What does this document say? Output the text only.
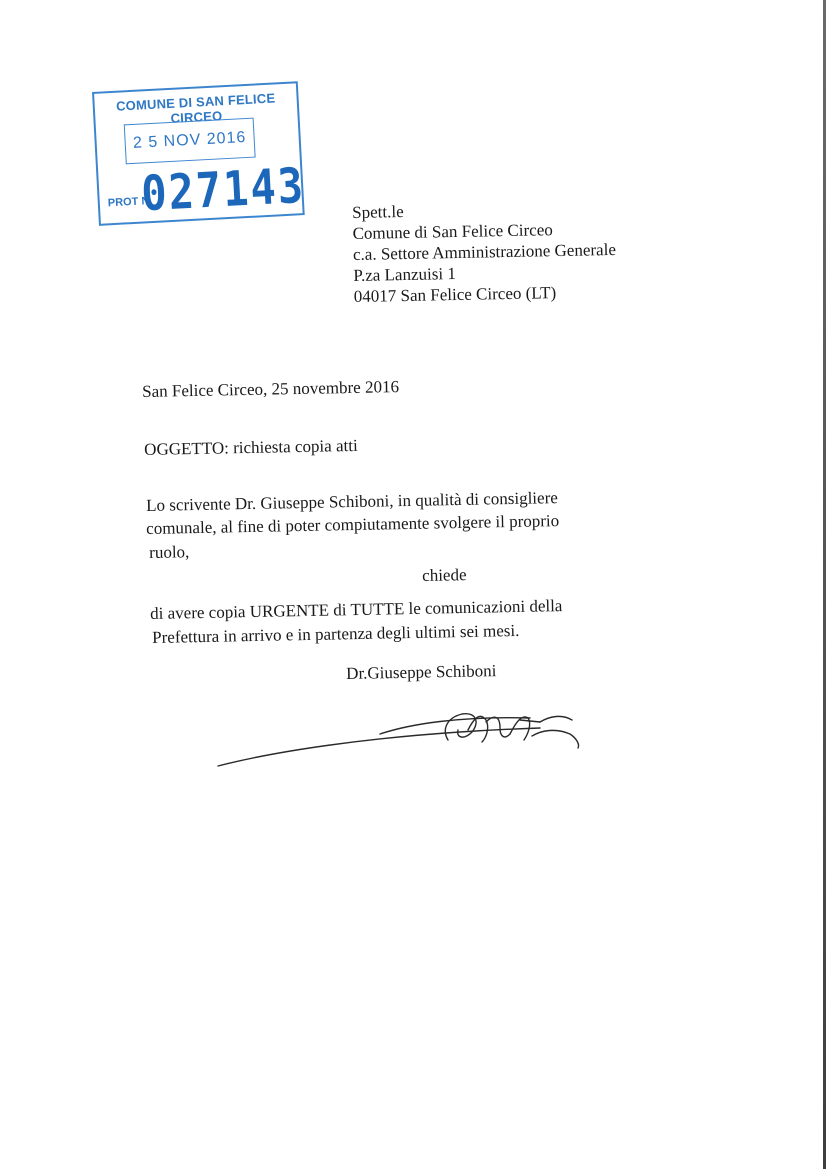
COMUNE DI SAN FELICE CIRCEO
2 5 NOV 2016
PROT N.
027143	Spett.le
Comune di San Felice Circeo
c.a. Settore Amministrazione Generale
P.za Lanzuisi 1
04017 San Felice Circeo (LT)
San Felice Circeo, 25 novembre 2016
OGGETTO: richiesta copia atti
Lo scrivente Dr. Giuseppe Schiboni, in qualità di consigliere
comunale, al fine di poter compiutamente svolgere il proprio
ruolo,
chiede
di avere copia URGENTE di TUTTE le comunicazioni della
Prefettura in arrivo e in partenza degli ultimi sei mesi.
Dr.Giuseppe Schiboni
